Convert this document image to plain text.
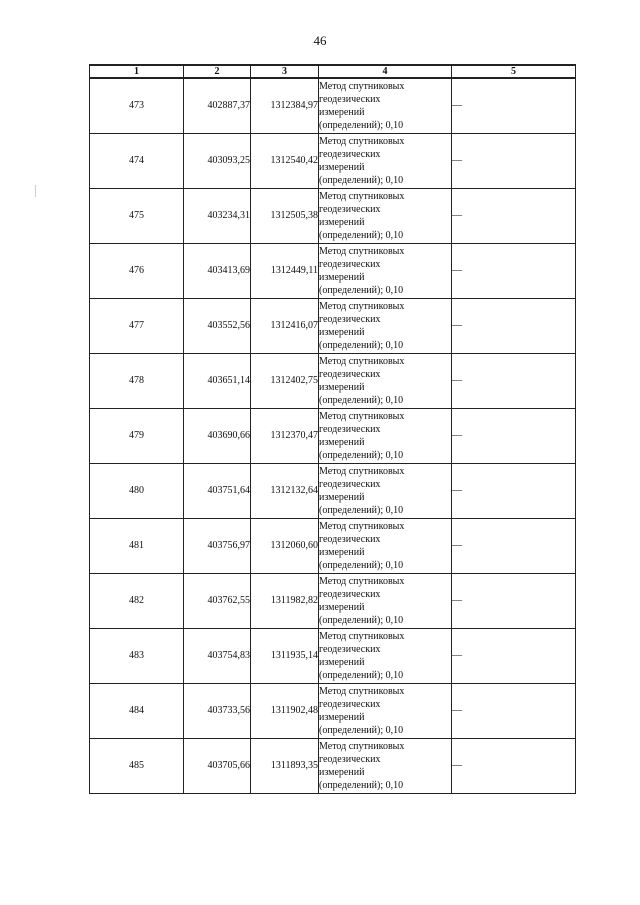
46
1	2	3	4	5
473	402887,37	1312384,97	Метод спутниковых
геодезических
измерений
(определений); 0,10	—
474	403093,25	1312540,42	Метод спутниковых
геодезических
измерений
(определений); 0,10	—
475	403234,31	1312505,38	Метод спутниковых
геодезических
измерений
(определений); 0,10	—
476	403413,69	1312449,11	Метод спутниковых
геодезических
измерений
(определений); 0,10	—
477	403552,56	1312416,07	Метод спутниковых
геодезических
измерений
(определений); 0,10	—
478	403651,14	1312402,75	Метод спутниковых
геодезических
измерений
(определений); 0,10	—
479	403690,66	1312370,47	Метод спутниковых
геодезических
измерений
(определений); 0,10	—
480	403751,64	1312132,64	Метод спутниковых
геодезических
измерений
(определений); 0,10	—
481	403756,97	1312060,60	Метод спутниковых
геодезических
измерений
(определений); 0,10	—
482	403762,55	1311982,82	Метод спутниковых
геодезических
измерений
(определений); 0,10	—
483	403754,83	1311935,14	Метод спутниковых
геодезических
измерений
(определений); 0,10	—
484	403733,56	1311902,48	Метод спутниковых
геодезических
измерений
(определений); 0,10	—
485	403705,66	1311893,35	Метод спутниковых
геодезических
измерений
(определений); 0,10	—
